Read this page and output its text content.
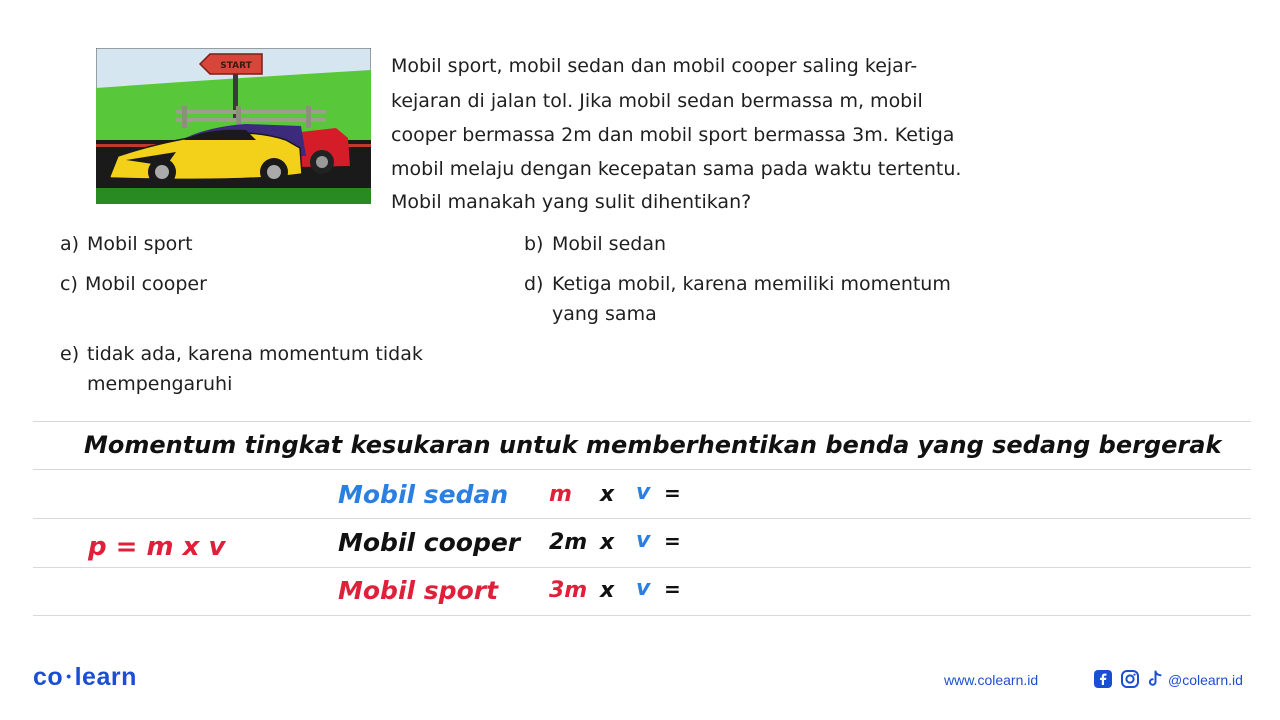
START	Mobil sport, mobil sedan dan mobil cooper saling kejar-
kejaran di jalan tol. Jika mobil sedan bermassa m, mobil
cooper bermassa 2m dan mobil sport bermassa 3m. Ketiga
mobil melaju dengan kecepatan sama pada waktu tertentu.
Mobil manakah yang sulit dihentikan?
a) Mobil sport	b) Mobil sedan
c) Mobil cooper	d) Ketiga mobil, karena memiliki momentum
yang sama
e) tidak ada, karena momentum tidak
mempengaruhi
Momentum tingkat kesukaran untuk memberhentikan benda yang sedang bergerak
p = m x v
Mobil sedan m x v =
Mobil cooper 2m x v =
Mobil sport 3m x v =
co • learn	www.colearn.id	@colearn.id
